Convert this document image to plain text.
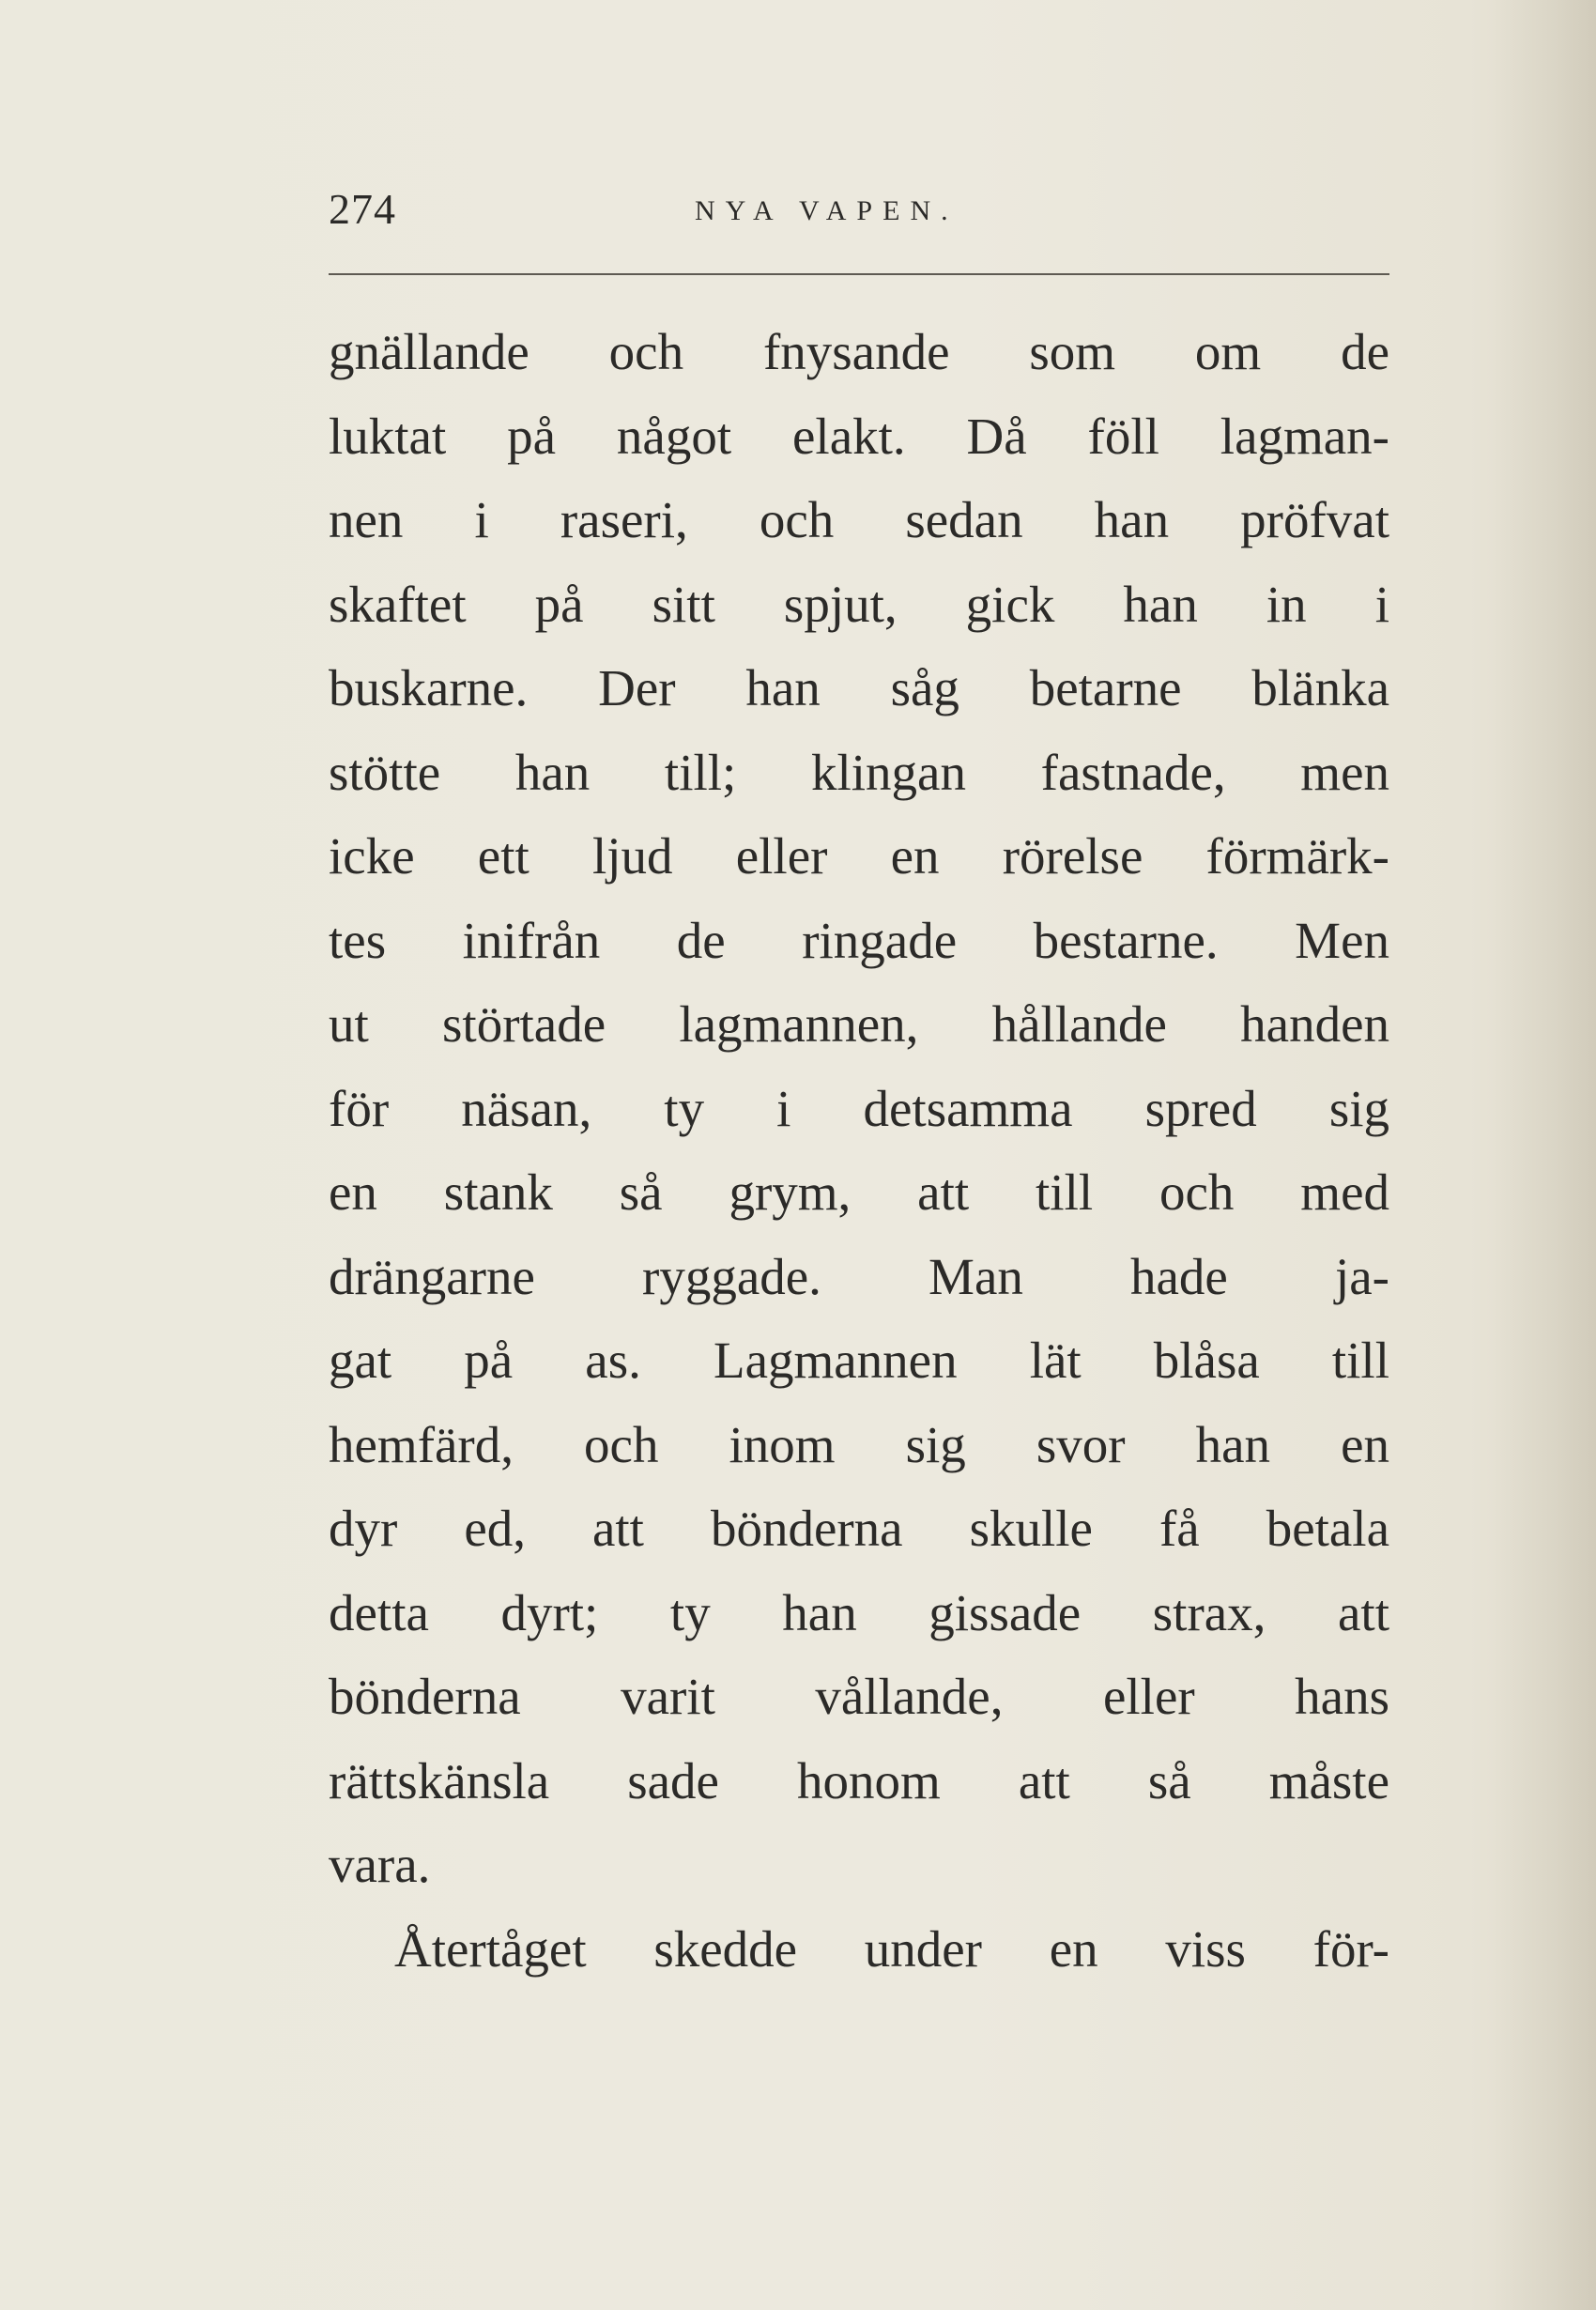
274	NYA VAPEN.
gnällande och fnysande som om de
luktat på något elakt. Då föll lagman-
nen i raseri, och sedan han pröfvat
skaftet på sitt spjut, gick han in i
buskarne. Der han såg betarne blänka
stötte han till; klingan fastnade, men
icke ett ljud eller en rörelse förmärk-
tes inifrån de ringade bestarne. Men
ut störtade lagmannen, hållande handen
för näsan, ty i detsamma spred sig
en stank så grym, att till och med
drängarne ryggade. Man hade ja-
gat på as. Lagmannen lät blåsa till
hemfärd, och inom sig svor han en
dyr ed, att bönderna skulle få betala
detta dyrt; ty han gissade strax, att
bönderna varit vållande, eller hans
rättskänsla sade honom att så måste
vara.
Återtåget skedde under en viss för-
